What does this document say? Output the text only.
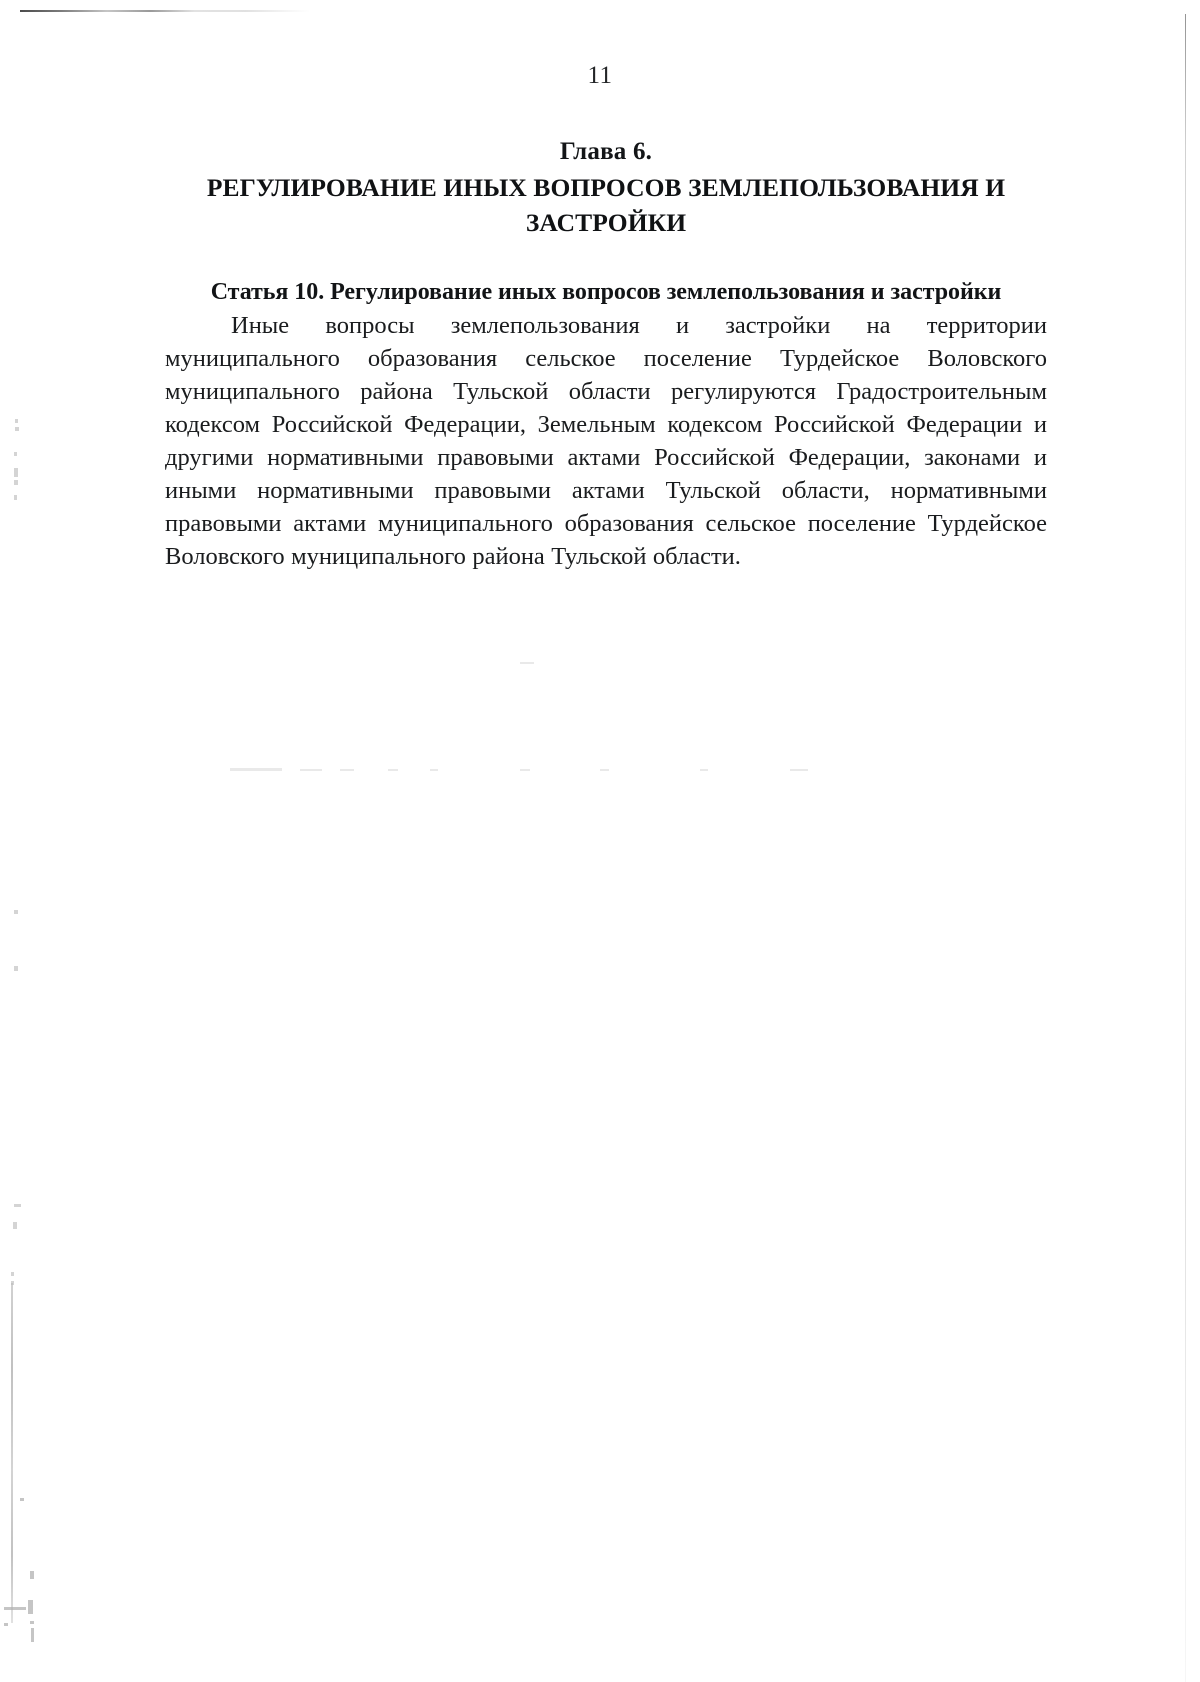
11
Глава 6.
РЕГУЛИРОВАНИЕ ИНЫХ ВОПРОСОВ ЗЕМЛЕПОЛЬЗОВАНИЯ И ЗАСТРОЙКИ
Статья 10. Регулирование иных вопросов землепользования и застройки

Иные вопросы землепользования и застройки на территории муниципального образования сельское поселение Турдейское Воловского муниципального района Тульской области регулируются Градостроительным кодексом Российской Федерации, Земельным кодексом Российской Федерации и другими нормативными правовыми актами Российской Федерации, законами и иными нормативными правовыми актами Тульской области, нормативными правовыми актами муниципального образования сельское поселение Турдейское Воловского муниципального района Тульской области.
